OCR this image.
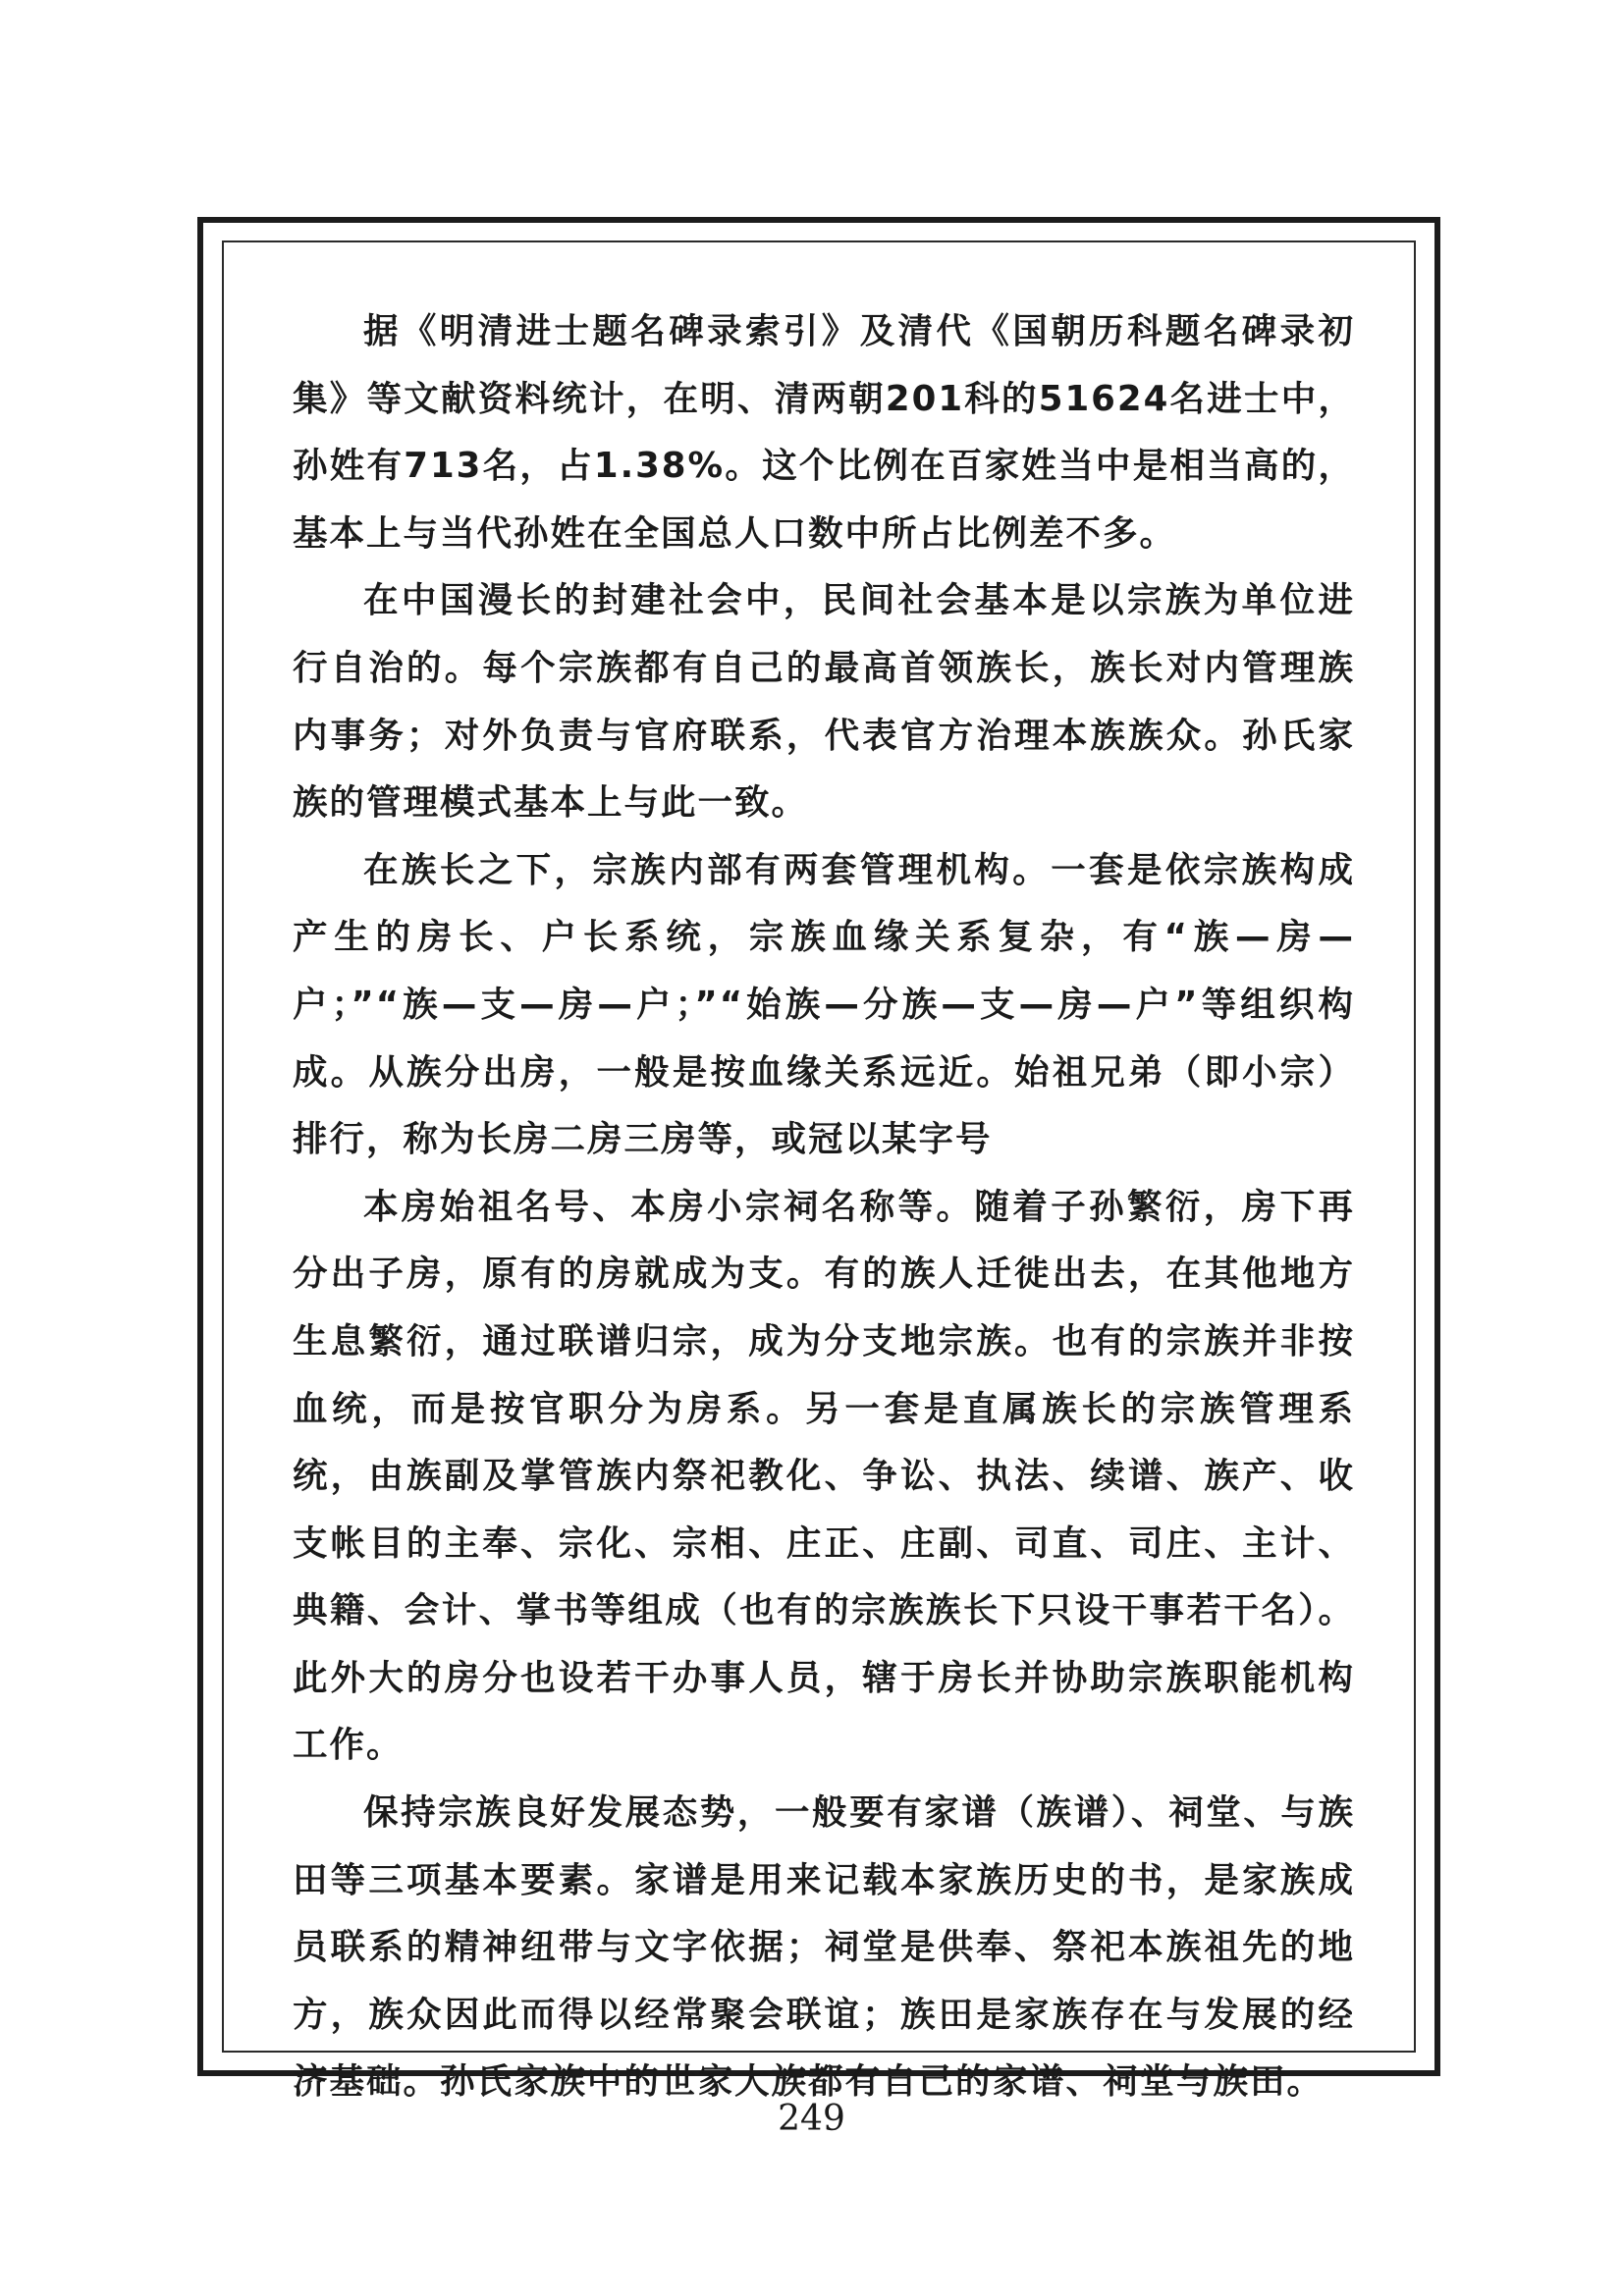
据《明清进士题名碑录索引》及清代《国朝历科题名碑录初集》等文献资料统计，在明、清两朝201科的51624名进士中，孙姓有713名，占1.38%。这个比例在百家姓当中是相当高的，基本上与当代孙姓在全国总人口数中所占比例差不多。

在中国漫长的封建社会中，民间社会基本是以宗族为单位进行自治的。每个宗族都有自己的最高首领族长，族长对内管理族内事务；对外负责与官府联系，代表官方治理本族族众。孙氏家族的管理模式基本上与此一致。

在族长之下，宗族内部有两套管理机构。一套是依宗族构成产生的房长、户长系统，宗族血缘关系复杂，有“族—房—户；”“族—支—房—户；”“始族—分族—支—房—户”等组织构成。从族分出房，一般是按血缘关系远近。始祖兄弟（即小宗）排行，称为长房二房三房等，或冠以某字号

本房始祖名号、本房小宗祠名称等。随着子孙繁衍，房下再分出子房，原有的房就成为支。有的族人迁徙出去，在其他地方生息繁衍，通过联谱归宗，成为分支地宗族。也有的宗族并非按血统，而是按官职分为房系。另一套是直属族长的宗族管理系统，由族副及掌管族内祭祀教化、争讼、执法、续谱、族产、收支帐目的主奉、宗化、宗相、庄正、庄副、司直、司庄、主计、典籍、会计、掌书等组成（也有的宗族族长下只设干事若干名）。此外大的房分也设若干办事人员，辖于房长并协助宗族职能机构工作。

保持宗族良好发展态势，一般要有家谱（族谱）、祠堂、与族田等三项基本要素。家谱是用来记载本家族历史的书，是家族成员联系的精神纽带与文字依据；祠堂是供奉、祭祀本族祖先的地方，族众因此而得以经常聚会联谊；族田是家族存在与发展的经济基础。孙氏家族中的世家大族都有自己的家谱、祠堂与族田。

249
